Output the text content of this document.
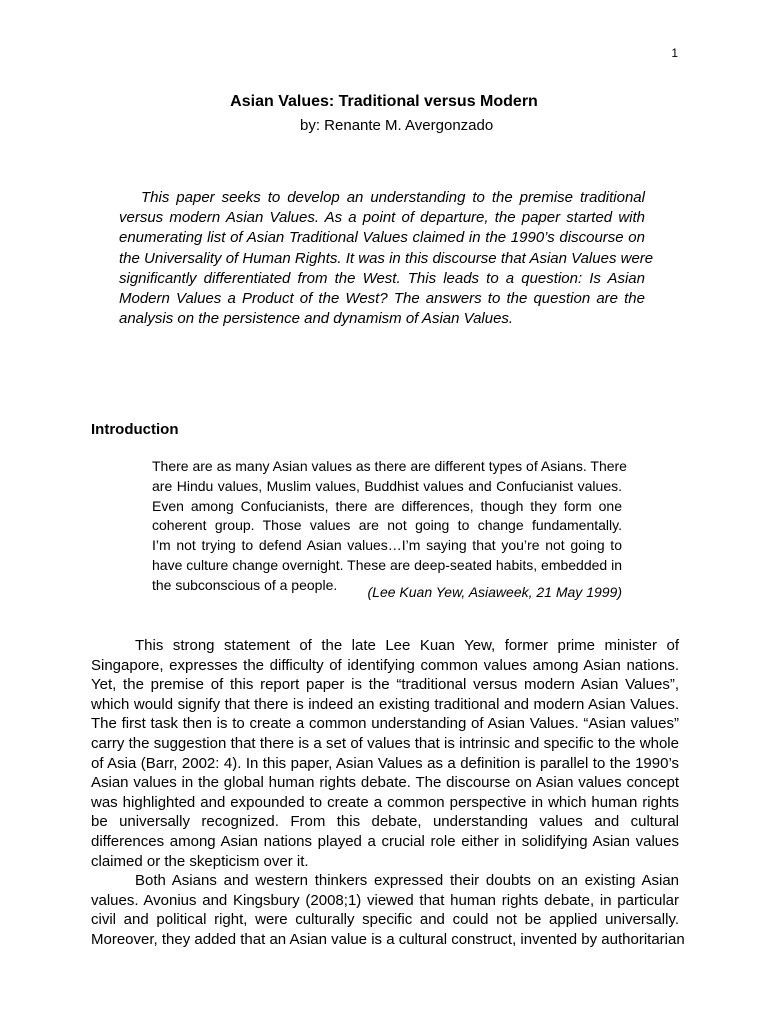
1
Asian Values: Traditional versus Modern
by: Renante M. Avergonzado
This paper seeks to develop an understanding to the premise traditional
versus modern Asian Values. As a point of departure, the paper started with
enumerating list of Asian Traditional Values claimed in the 1990’s discourse on
the Universality of Human Rights. It was in this discourse that Asian Values were
significantly differentiated from the West. This leads to a question: Is Asian
Modern Values a Product of the West? The answers to the question are the
analysis on the persistence and dynamism of Asian Values.
Introduction
There are as many Asian values as there are different types of Asians. There
are Hindu values, Muslim values, Buddhist values and Confucianist values.
Even among Confucianists, there are differences, though they form one
coherent group. Those values are not going to change fundamentally.
I’m not trying to defend Asian values…I’m saying that you’re not going to
have culture change overnight. These are deep-seated habits, embedded in
the subconscious of a people.	(Lee Kuan Yew, Asiaweek, 21 May 1999)
This strong statement of the late Lee Kuan Yew, former prime minister of
Singapore, expresses the difficulty of identifying common values among Asian nations.
Yet, the premise of this report paper is the “traditional versus modern Asian Values”,
which would signify that there is indeed an existing traditional and modern Asian Values.
The first task then is to create a common understanding of Asian Values. “Asian values”
carry the suggestion that there is a set of values that is intrinsic and specific to the whole
of Asia (Barr, 2002: 4). In this paper, Asian Values as a definition is parallel to the 1990’s
Asian values in the global human rights debate. The discourse on Asian values concept
was highlighted and expounded to create a common perspective in which human rights
be universally recognized. From this debate, understanding values and cultural
differences among Asian nations played a crucial role either in solidifying Asian values
claimed or the skepticism over it.
Both Asians and western thinkers expressed their doubts on an existing Asian
values. Avonius and Kingsbury (2008;1) viewed that human rights debate, in particular
civil and political right, were culturally specific and could not be applied universally.
Moreover, they added that an Asian value is a cultural construct, invented by authoritarian
